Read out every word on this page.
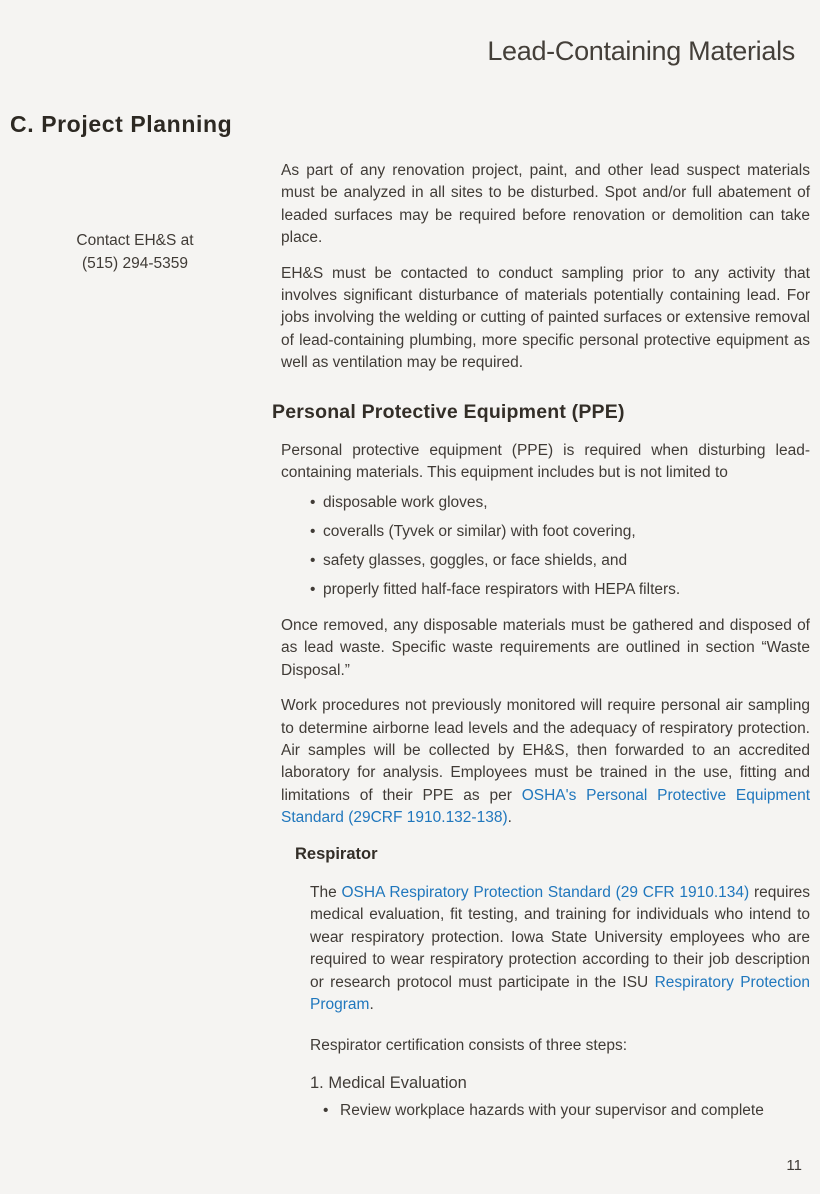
Lead-Containing Materials
C. Project Planning
Contact EH&S at
(515) 294-5359

As part of any renovation project, paint, and other lead suspect materials must be analyzed in all sites to be disturbed. Spot and/or full abatement of leaded surfaces may be required before renovation or demolition can take place.

EH&S must be contacted to conduct sampling prior to any activity that involves significant disturbance of materials potentially containing lead. For jobs involving the welding or cutting of painted surfaces or extensive removal of lead-containing plumbing, more specific personal protective equipment as well as ventilation may be required.

Personal Protective Equipment (PPE)

Personal protective equipment (PPE) is required when disturbing lead-containing materials. This equipment includes but is not limited to

• disposable work gloves,
• coveralls (Tyvek or similar) with foot covering,
• safety glasses, goggles, or face shields, and
• properly fitted half-face respirators with HEPA filters.

Once removed, any disposable materials must be gathered and disposed of as lead waste. Specific waste requirements are outlined in section “Waste Disposal.”

Work procedures not previously monitored will require personal air sampling to determine airborne lead levels and the adequacy of respiratory protection. Air samples will be collected by EH&S, then forwarded to an accredited laboratory for analysis. Employees must be trained in the use, fitting and limitations of their PPE as per OSHA's Personal Protective Equipment Standard (29CRF 1910.132-138).

Respirator

The OSHA Respiratory Protection Standard (29 CFR 1910.134) requires medical evaluation, fit testing, and training for individuals who intend to wear respiratory protection. Iowa State University employees who are required to wear respiratory protection according to their job description or research protocol must participate in the ISU Respiratory Protection Program.

Respirator certification consists of three steps:

1. Medical Evaluation

• Review workplace hazards with your supervisor and complete
11
